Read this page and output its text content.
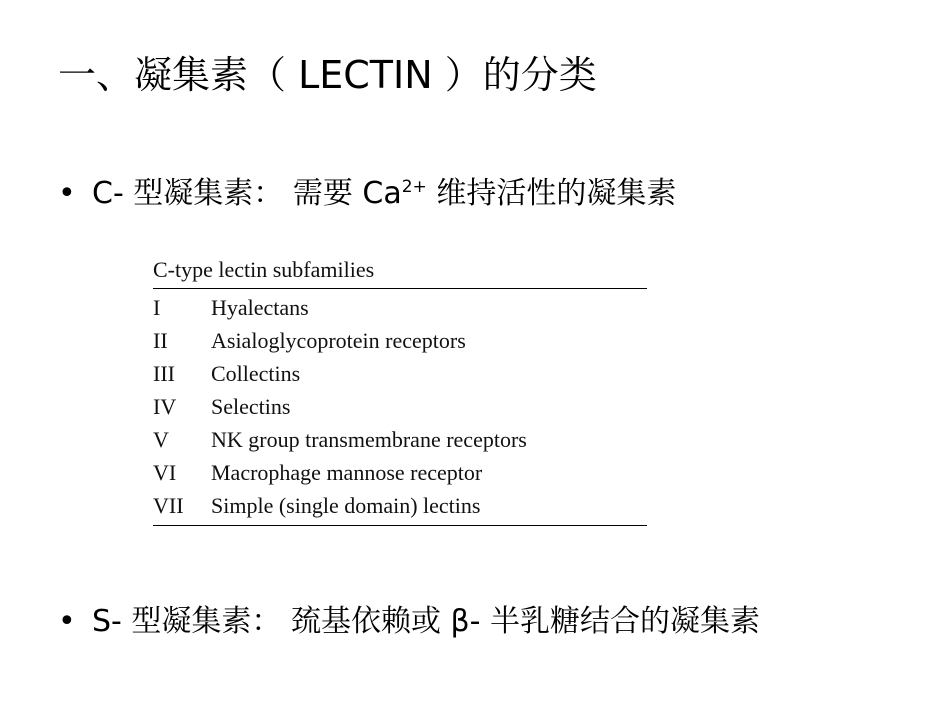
一、凝集素（ LECTIN ）的分类
• C- 型凝集素： 需要 $Ca^{2+}$ 维持活性的凝集素
C-type lectin subfamilies
I	Hyalectans
II	Asialoglycoprotein receptors
III	Collectins
IV	Selectins
V	NK group transmembrane receptors
VI	Macrophage mannose receptor
VII	Simple (single domain) lectins
• S- 型凝集素： 巯基依赖或 β- 半乳糖结合的凝集素
